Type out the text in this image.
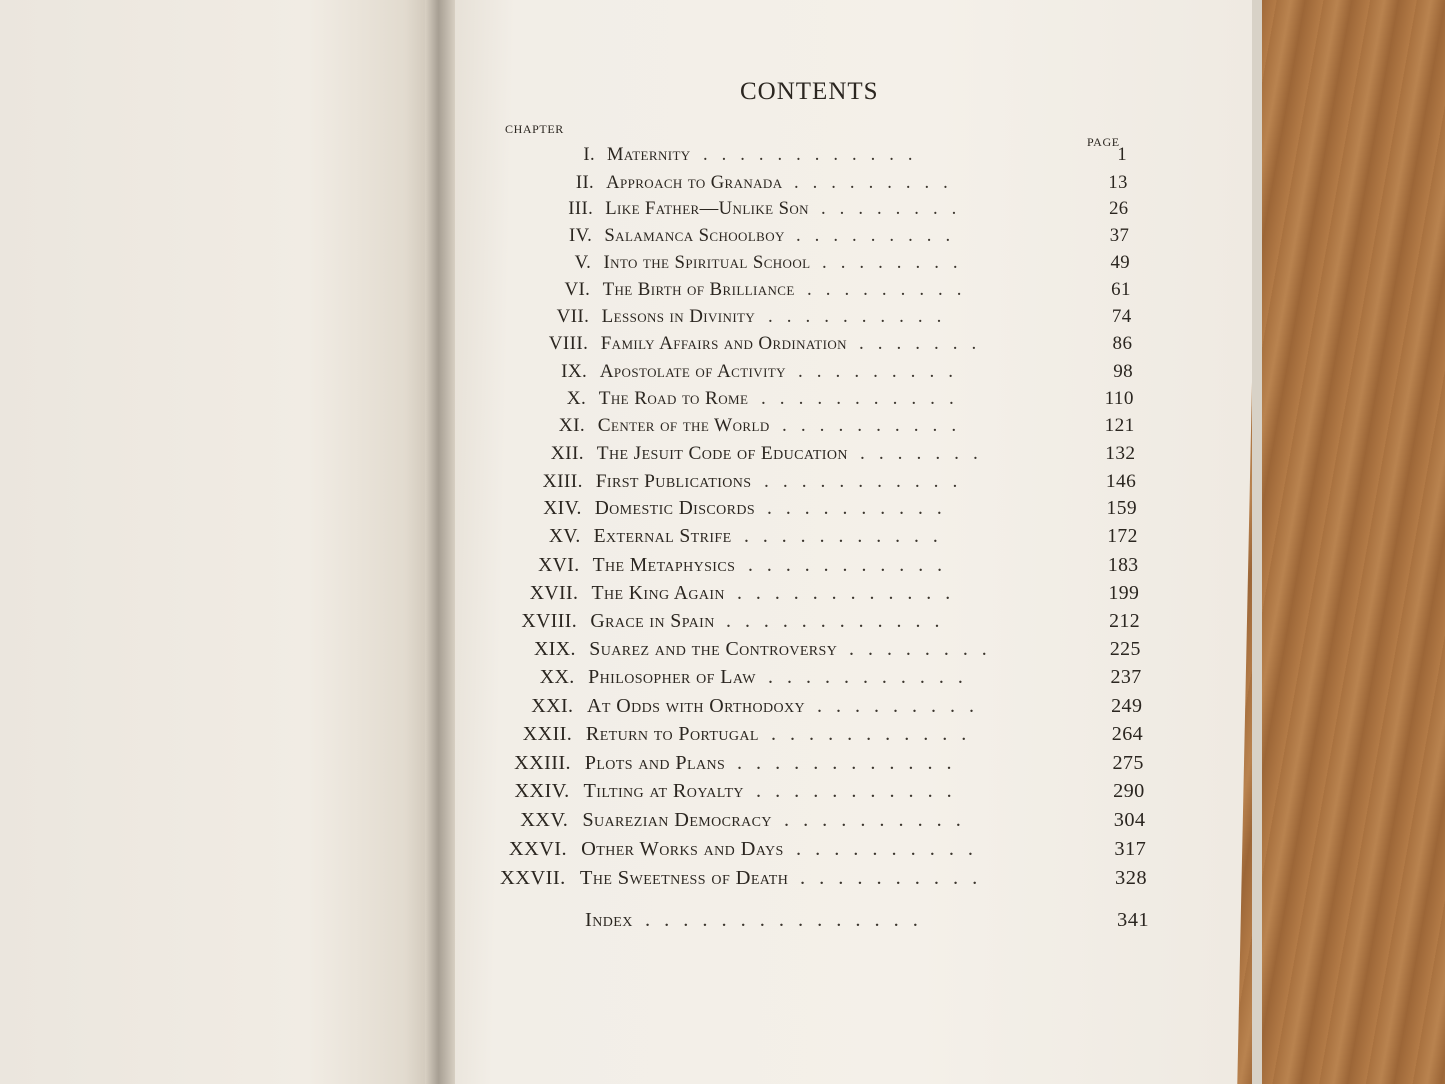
CONTENTS
CHAPTER
PAGE
I. Maternity ............	1
II. Approach to Granada .........	13
III. Like Father—Unlike Son ........	26
IV. Salamanca Schoolboy .........	37
V. Into the Spiritual School ........	49
VI. The Birth of Brilliance .........	61
VII. Lessons in Divinity ..........	74
VIII. Family Affairs and Ordination .......	86
IX. Apostolate of Activity .........	98
X. The Road to Rome ...........	110
XI. Center of the World ..........	121
XII. The Jesuit Code of Education .......	132
XIII. First Publications ...........	146
XIV. Domestic Discords ..........	159
XV. External Strife ...........	172
XVI. The Metaphysics ...........	183
XVII. The King Again ............	199
XVIII. Grace in Spain ............	212
XIX. Suarez and the Controversy ........	225
XX. Philosopher of Law ...........	237
XXI. At Odds with Orthodoxy .........	249
XXII. Return to Portugal ...........	264
XXIII. Plots and Plans ............	275
XXIV. Tilting at Royalty ...........	290
XXV. Suarezian Democracy ..........	304
XXVI. Other Works and Days ..........	317
XXVII. The Sweetness of Death ..........	328
Index ...............	341
